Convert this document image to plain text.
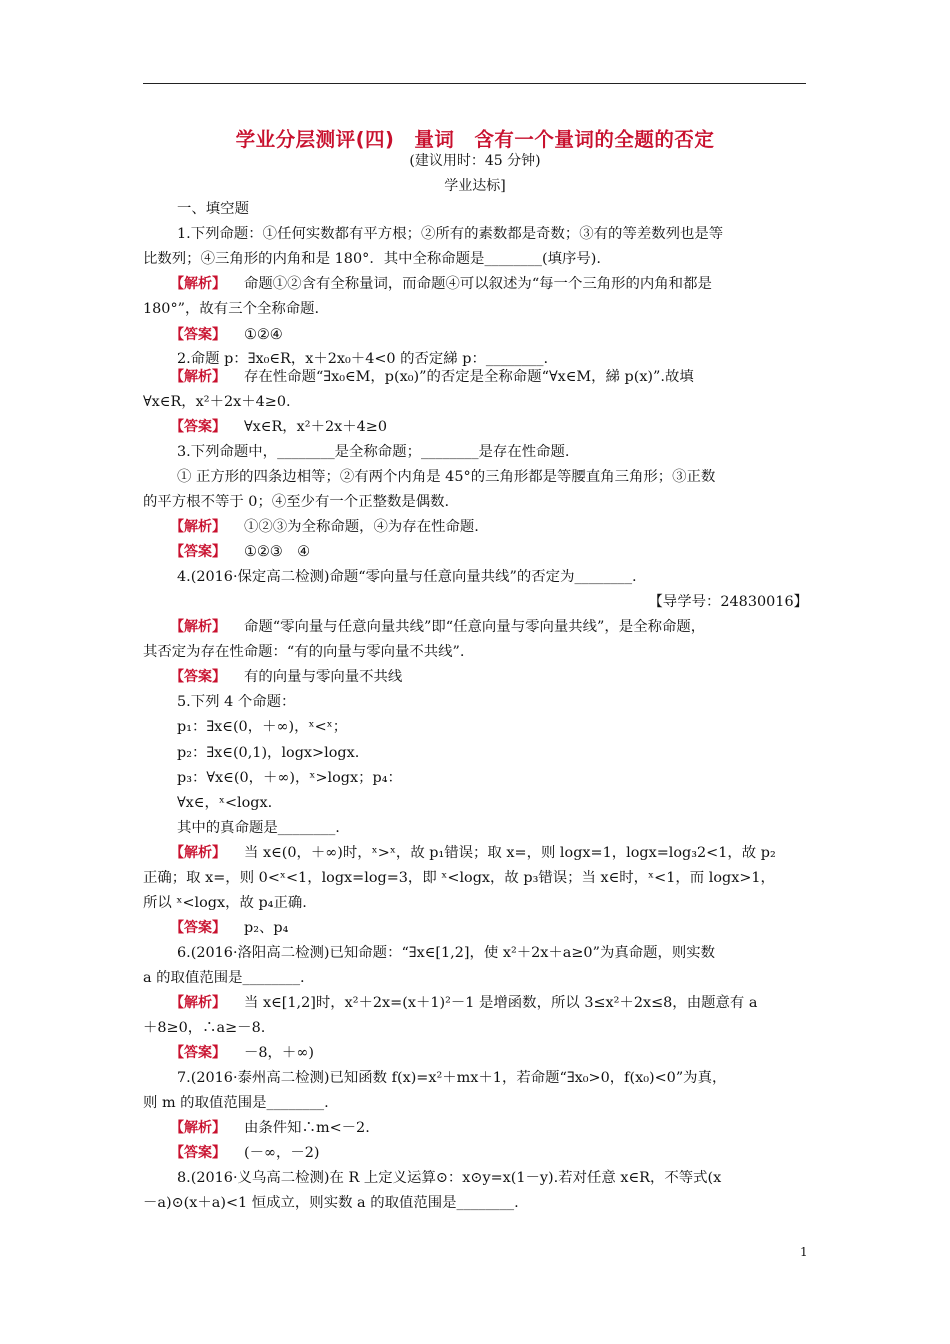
学业分层测评(四)　量词　含有一个量词的全题的否定
(建议用时：45 分钟)
学业达标]
一、填空题
1.下列命题：①任何实数都有平方根；②所有的素数都是奇数；③有的等差数列也是等
比数列；④三角形的内角和是 180°．其中全称命题是________(填序号).
【解析】 命题①②含有全称量词，而命题④可以叙述为“每一个三角形的内角和都是
180°”，故有三个全称命题.
【答案】 ①②④
2.命题 p：∃x₀∈R，x＋2x₀＋4<0 的否定綈 p：________.
【解析】 存在性命题“∃x₀∈M，p(x₀)”的否定是全称命题“∀x∈M，綈 p(x)”.故填
∀x∈R，x²＋2x＋4≥0.
【答案】 ∀x∈R，x²＋2x＋4≥0
3.下列命题中，________是全称命题；________是存在性命题.
① 正方形的四条边相等；②有两个内角是 45°的三角形都是等腰直角三角形；③正数
的平方根不等于 0；④至少有一个正整数是偶数.
【解析】 ①②③为全称命题，④为存在性命题.
【答案】 ①②③　④
4.(2016·保定高二检测)命题“零向量与任意向量共线”的否定为________.
【导学号：24830016】
【解析】 命题“零向量与任意向量共线”即“任意向量与零向量共线”，是全称命题，
其否定为存在性命题：“有的向量与零向量不共线”.
【答案】 有的向量与零向量不共线
5.下列 4 个命题：
p₁：∃x∈(0，＋∞)，ˣ<ˣ；
p₂：∃x∈(0,1)，logx>logx.
p₃：∀x∈(0，＋∞)，ˣ>logx；p₄：
∀x∈，ˣ<logx.
其中的真命题是________.
【解析】 当 x∈(0，＋∞)时，ˣ>ˣ，故 p₁错误；取 x=，则 logx=1，logx=log₃2<1，故 p₂
正确；取 x=，则 0<ˣ<1，logx=log=3，即 ˣ<logx，故 p₃错误；当 x∈时，ˣ<1，而 logx>1，
所以 ˣ<logx，故 p₄正确.
【答案】 p₂、p₄
6.(2016·洛阳高二检测)已知命题：“∃x∈[1,2]，使 x²＋2x＋a≥0”为真命题，则实数
a 的取值范围是________.
【解析】 当 x∈[1,2]时，x²＋2x=(x＋1)²－1 是增函数，所以 3≤x²＋2x≤8，由题意有 a
＋8≥0，∴a≥－8.
【答案】 －8，＋∞)
7.(2016·泰州高二检测)已知函数 f(x)=x²＋mx＋1，若命题“∃x₀>0，f(x₀)<0”为真，
则 m 的取值范围是________.
【解析】 由条件知∴m<－2.
【答案】 (－∞，－2)
8.(2016·义乌高二检测)在 R 上定义运算⊙：x⊙y=x(1－y).若对任意 x∈R，不等式(x
－a)⊙(x＋a)<1 恒成立，则实数 a 的取值范围是________.
1
